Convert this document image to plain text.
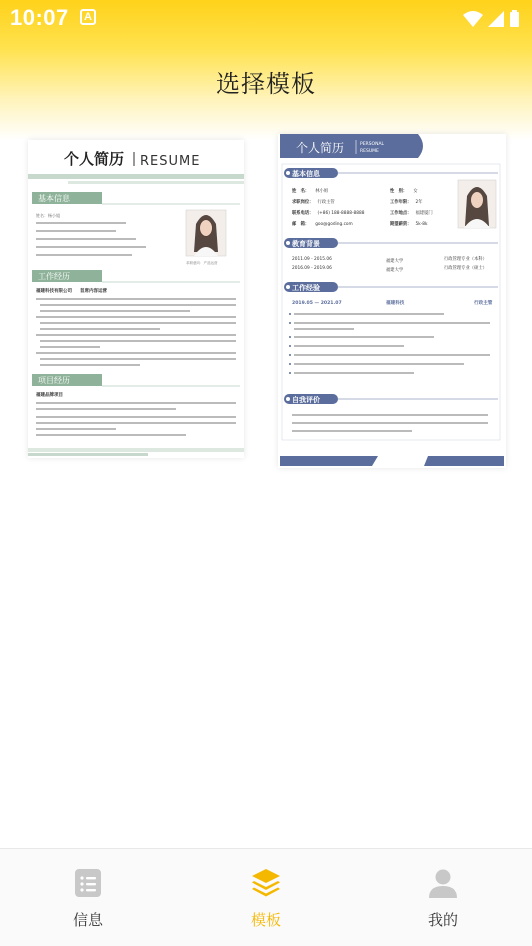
10:07	A
选择模板
个人简历 RESUME
基本信息
姓名：杨小姐
求职意向：产品运营
工作经历
福建科技有限公司 首席内容运营
项目经历
福建品牌项目
个人简历	PERSONAL
RESUME
基本信息
姓　名： 林小姐	性　别： 女
求职岗位： 行政主管	工作年限： 2年
联系电话： (+86) 188-8888-8888	工作地点： 福建厦门
邮　箱： goo@goding.com	期望薪资： 5k-8k
教育背景
2011.09 - 2015.06	福建大学	行政管理专业（本科）
2016.09 - 2019.06	福建大学	行政管理专业（硕士）
工作经验
2019.05 — 2021.07	福建科技	行政主管
自我评价
信息	模板	我的
